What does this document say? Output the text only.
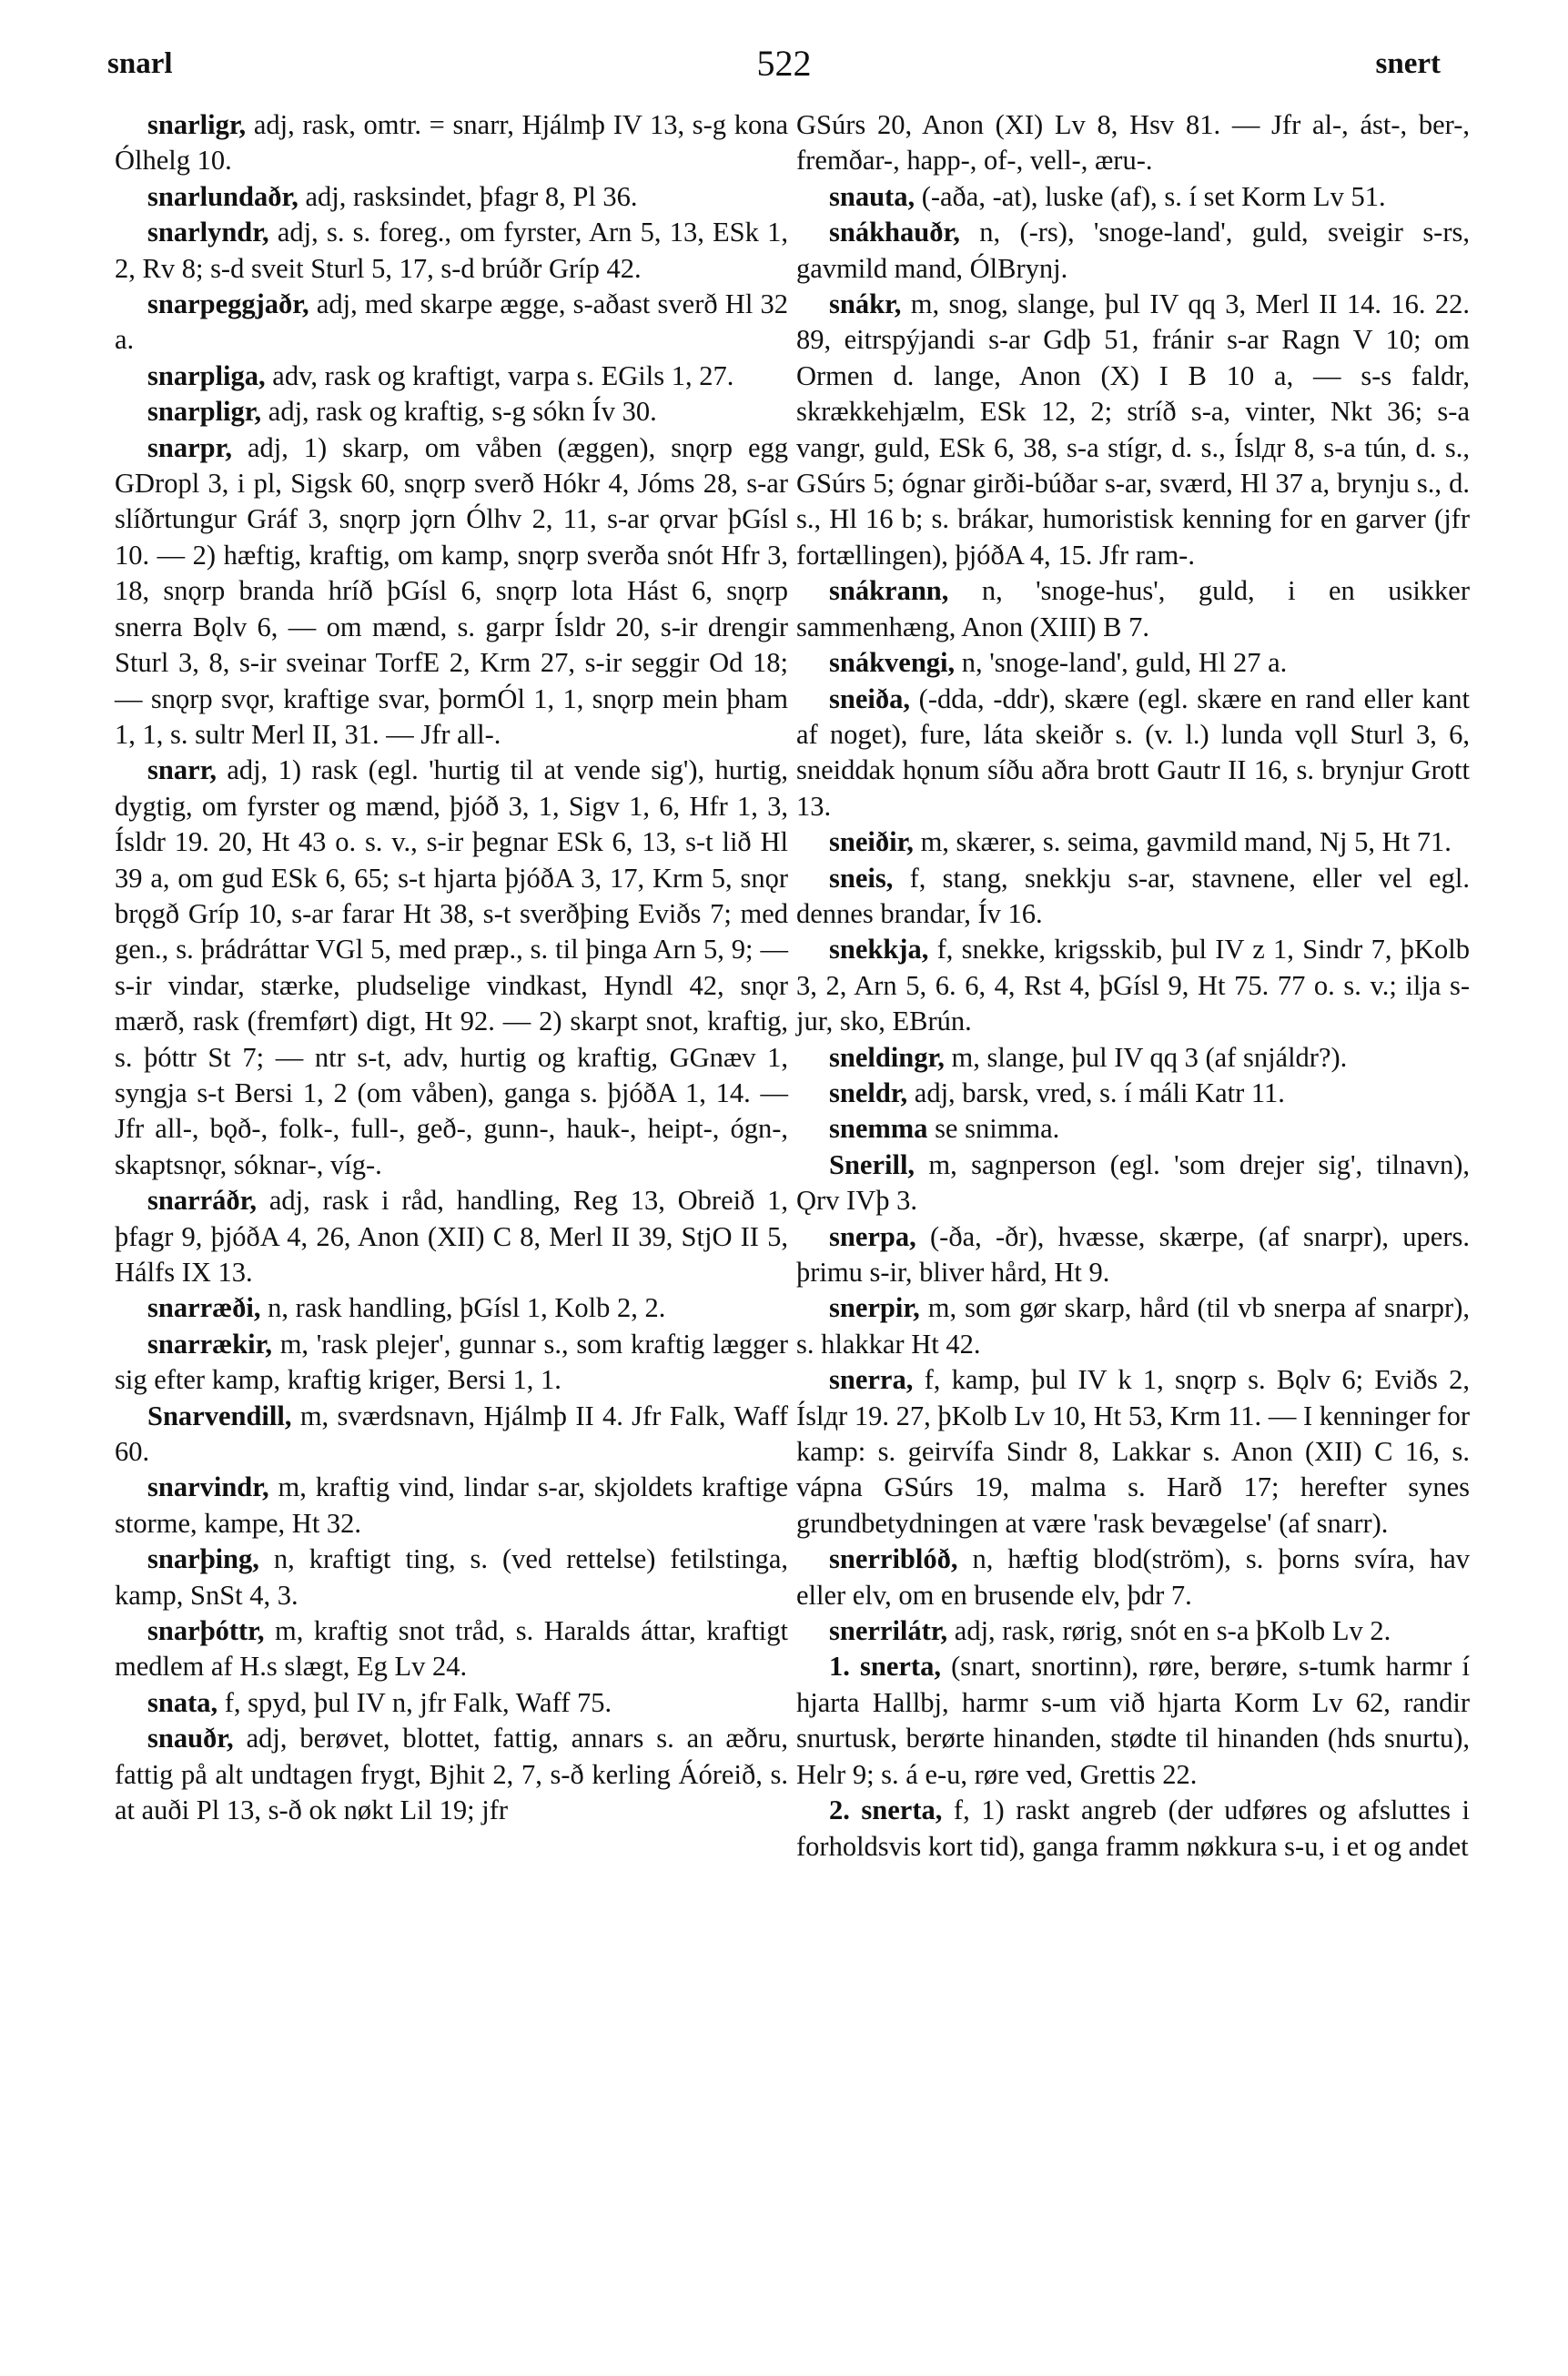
snarl	522	snert

snarligr, adj, rask, omtr. = snarr, Hjálmþ IV 13, s-g kona Ólhelg 10.

snarlundaðr, adj, rasksindet, þfagr 8, Pl 36.

snarlyndr, adj, s. s. foreg., om fyrster, Arn 5, 13, ESk 1, 2, Rv 8; s-d sveit Sturl 5, 17, s-d brúðr Gríp 42.

snarpeggjaðr, adj, med skarpe ægge, s-aðast sverð Hl 32 a.

snarpliga, adv, rask og kraftigt, varpa s. EGils 1, 27.

snarpligr, adj, rask og kraftig, s-g sókn Ív 30.

snarpr, adj, 1) skarp, om våben (æggen), snǫrp egg GDropl 3, i pl, Sigsk 60, snǫrp sverð Hókr 4, Jóms 28, s-ar slíðrtungur Gráf 3, snǫrp jǫrn Ólhv 2, 11, s-ar ǫrvar þGísl 10. — 2) hæftig, kraftig, om kamp, snǫrp sverða snót Hfr 3, 18, snǫrp branda hríð þGísl 6, snǫrp lota Hást 6, snǫrp snerra Bǫlv 6, — om mænd, s. garpr Ísldr 20, s-ir drengir Sturl 3, 8, s-ir sveinar TorfE 2, Krm 27, s-ir seggir Od 18; — snǫrp svǫr, kraftige svar, þormÓl 1, 1, snǫrp mein þham 1, 1, s. sultr Merl II, 31. — Jfr all-.

snarr, adj, 1) rask (egl. 'hurtig til at vende sig'), hurtig, dygtig, om fyrster og mænd, þjóð 3, 1, Sigv 1, 6, Hfr 1, 3, Ísldr 19. 20, Ht 43 o. s. v., s-ir þegnar ESk 6, 13, s-t lið Hl 39 a, om gud ESk 6, 65; s-t hjarta þjóðA 3, 17, Krm 5, snǫr brǫgð Gríp 10, s-ar farar Ht 38, s-t sverðþing Eviðs 7; med gen., s. þrádráttar VGl 5, med præp., s. til þinga Arn 5, 9; — s-ir vindar, stærke, pludselige vindkast, Hyndl 42, snǫr mærð, rask (fremført) digt, Ht 92. — 2) skarpt snot, kraftig, s. þóttr St 7; — ntr s-t, adv, hurtig og kraftig, GGnæv 1, syngja s-t Bersi 1, 2 (om våben), ganga s. þjóðA 1, 14. — Jfr all-, bǫð-, folk-, full-, geð-, gunn-, hauk-, heipt-, ógn-, skaptsnǫr, sóknar-, víg-.

snarráðr, adj, rask i råd, handling, Reg 13, Obreið 1, þfagr 9, þjóðA 4, 26, Anon (XII) C 8, Merl II 39, StjO II 5, Hálfs IX 13.

snarræði, n, rask handling, þGísl 1, Kolb 2, 2.

snarrækir, m, 'rask plejer', gunnar s., som kraftig lægger sig efter kamp, kraftig kriger, Bersi 1, 1.

Snarvendill, m, sværdsnavn, Hjálmþ II 4. Jfr Falk, Waff 60.

snarvindr, m, kraftig vind, lindar s-ar, skjoldets kraftige storme, kampe, Ht 32.

snarþing, n, kraftigt ting, s. (ved rettelse) fetilstinga, kamp, SnSt 4, 3.

snarþóttr, m, kraftig snot tråd, s. Haralds áttar, kraftigt medlem af H.s slægt, Eg Lv 24.

snata, f, spyd, þul IV n, jfr Falk, Waff 75.

snauðr, adj, berøvet, blottet, fattig, annars s. an æðru, fattig på alt undtagen frygt, Bjhit 2, 7, s-ð kerling Áóreið, s. at auði Pl 13, s-ð ok nøkt Lil 19; jfr

GSúrs 20, Anon (XI) Lv 8, Hsv 81. — Jfr al-, ást-, ber-, fremðar-, happ-, of-, vell-, æru-.

snauta, (-aða, -at), luske (af), s. í set Korm Lv 51.

snákhauðr, n, (-rs), 'snoge-land', guld, sveigir s-rs, gavmild mand, ÓlBrynj.

snákr, m, snog, slange, þul IV qq 3, Merl II 14. 16. 22. 89, eitrspýjandi s-ar Gdþ 51, fránir s-ar Ragn V 10; om Ormen d. lange, Anon (X) I B 10 a, — s-s faldr, skrækkehjælm, ESk 12, 2; stríð s-a, vinter, Nkt 36; s-a vangr, guld, ESk 6, 38, s-a stígr, d. s., Íslдr 8, s-a tún, d. s., GSúrs 5; ógnar girði-búðar s-ar, sværd, Hl 37 a, brynju s., d. s., Hl 16 b; s. brákar, humoristisk kenning for en garver (jfr fortællingen), þjóðA 4, 15. Jfr ram-.

snákrann, n, 'snoge-hus', guld, i en usikker sammenhæng, Anon (XIII) B 7.

snákvengi, n, 'snoge-land', guld, Hl 27 a.

sneiða, (-dda, -ddr), skære (egl. skære en rand eller kant af noget), fure, láta skeiðr s. (v. l.) lunda vǫll Sturl 3, 6, sneiddak hǫnum síðu aðra brott Gautr II 16, s. brynjur Grott 13.

sneiðir, m, skærer, s. seima, gavmild mand, Nj 5, Ht 71.

sneis, f, stang, snekkju s-ar, stavnene, eller vel egl. dennes brandar, Ív 16.

snekkja, f, snekke, krigsskib, þul IV z 1, Sindr 7, þKolb 3, 2, Arn 5, 6. 6, 4, Rst 4, þGísl 9, Ht 75. 77 o. s. v.; ilja s-jur, sko, EBrún.

sneldingr, m, slange, þul IV qq 3 (af snjáldr?).

sneldr, adj, barsk, vred, s. í máli Katr 11.

snemma se snimma.

Snerill, m, sagnperson (egl. 'som drejer sig', tilnavn), Ǫrv IVþ 3.

snerpa, (-ða, -ðr), hvæsse, skærpe, (af snarpr), upers. þrimu s-ir, bliver hård, Ht 9.

snerpir, m, som gør skarp, hård (til vb snerpa af snarpr), s. hlakkar Ht 42.

snerra, f, kamp, þul IV k 1, snǫrp s. Bǫlv 6; Eviðs 2, Íslдr 19. 27, þKolb Lv 10, Ht 53, Krm 11. — I kenninger for kamp: s. geirvífa Sindr 8, Lakkar s. Anon (XII) C 16, s. vápna GSúrs 19, malma s. Harð 17; herefter synes grundbetydningen at være 'rask bevægelse' (af snarr).

snerriblóð, n, hæftig blod(ström), s. þorns svíra, hav eller elv, om en brusende elv, þdr 7.

snerrilátr, adj, rask, rørig, snót en s-a þKolb Lv 2.

1. snerta, (snart, snortinn), røre, berøre, s-tumk harmr í hjarta Hallbj, harmr s-um við hjarta Korm Lv 62, randir snurtusk, berørte hinanden, stødte til hinanden (hds snurtu), Helr 9; s. á e-u, røre ved, Grettis 22.

2. snerta, f, 1) raskt angreb (der udføres og afsluttes i forholdsvis kort tid), ganga framm nøkkura s-u, i et og andet
